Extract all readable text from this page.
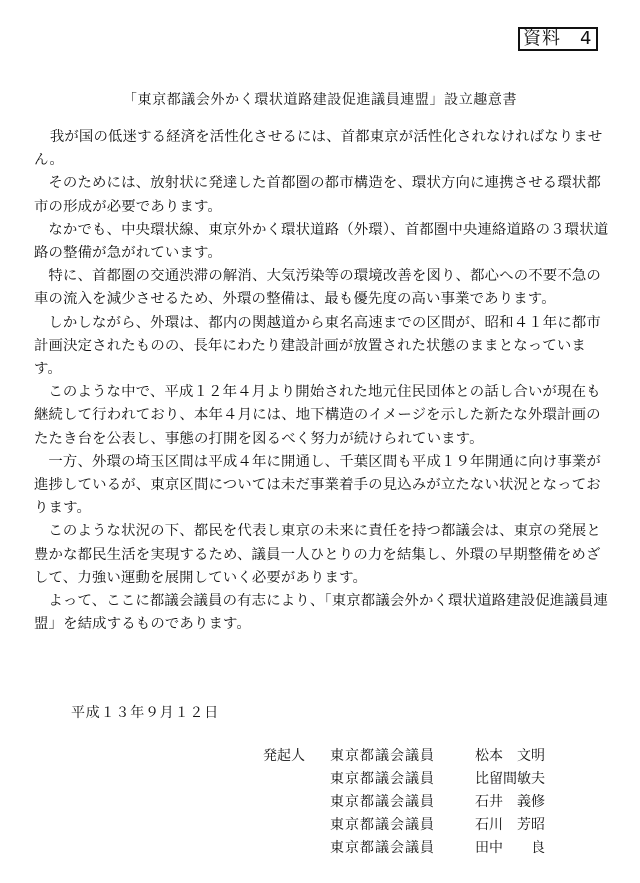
資料　4
「東京都議会外かく環状道路建設促進議員連盟」設立趣意書

我が国の低迷する経済を活性化させるには、首都東京が活性化されなければなりません。

そのためには、放射状に発達した首都圏の都市構造を、環状方向に連携させる環状都市の形成が必要であります。

なかでも、中央環状線、東京外かく環状道路（外環）、首都圏中央連絡道路の３環状道路の整備が急がれています。

特に、首都圏の交通渋滞の解消、大気汚染等の環境改善を図り、都心への不要不急の車の流入を減少させるため、外環の整備は、最も優先度の高い事業であります。

しかしながら、外環は、都内の関越道から東名高速までの区間が、昭和４１年に都市計画決定されたものの、長年にわたり建設計画が放置された状態のままとなっています。

このような中で、平成１２年４月より開始された地元住民団体との話し合いが現在も継続して行われており、本年４月には、地下構造のイメージを示した新たな外環計画のたたき台を公表し、事態の打開を図るべく努力が続けられています。

一方、外環の埼玉区間は平成４年に開通し、千葉区間も平成１９年開通に向け事業が進捗しているが、東京区間については未だ事業着手の見込みが立たない状況となっております。

このような状況の下、都民を代表し東京の未来に責任を持つ都議会は、東京の発展と豊かな都民生活を実現するため、議員一人ひとりの力を結集し、外環の早期整備をめざして、力強い運動を展開していく必要があります。

よって、ここに都議会議員の有志により、「東京都議会外かく環状道路建設促進議員連盟」を結成するものであります。

平成１３年９月１２日
発起人 東京都議会議員	松本　文明
東京都議会議員	比留間敏夫
東京都議会議員	石井　義修
東京都議会議員	石川　芳昭
東京都議会議員	田中　　良
